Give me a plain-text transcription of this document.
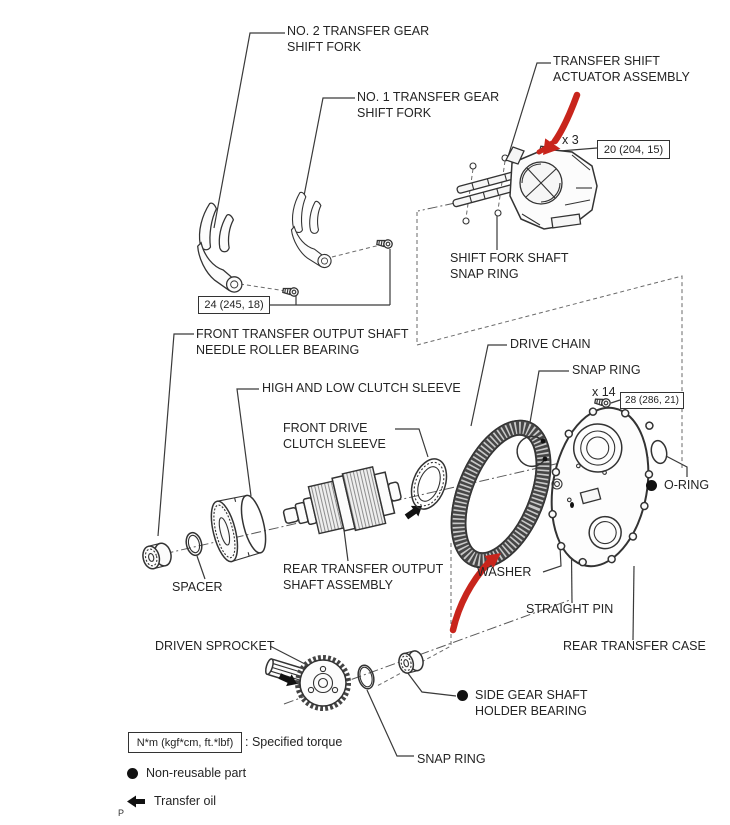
NO. 2 TRANSFER GEAR
SHIFT FORK
NO. 1 TRANSFER GEAR
SHIFT FORK
TRANSFER SHIFT
ACTUATOR ASSEMBLY
x 3
20 (204, 15)
SHIFT FORK SHAFT
SNAP RING
24 (245, 18)
FRONT TRANSFER OUTPUT SHAFT
NEEDLE ROLLER BEARING
HIGH AND LOW CLUTCH SLEEVE
FRONT DRIVE
CLUTCH SLEEVE
DRIVE CHAIN
SNAP RING
x 14
28 (286, 21)
O-RING
SPACER
REAR TRANSFER OUTPUT
SHAFT ASSEMBLY
WASHER
STRAIGHT PIN
REAR TRANSFER CASE
DRIVEN SPROCKET
SIDE GEAR SHAFT
HOLDER BEARING
SNAP RING
N*m (kgf*cm, ft.*lbf) : Specified torque
Non-reusable part
Transfer oil
P
